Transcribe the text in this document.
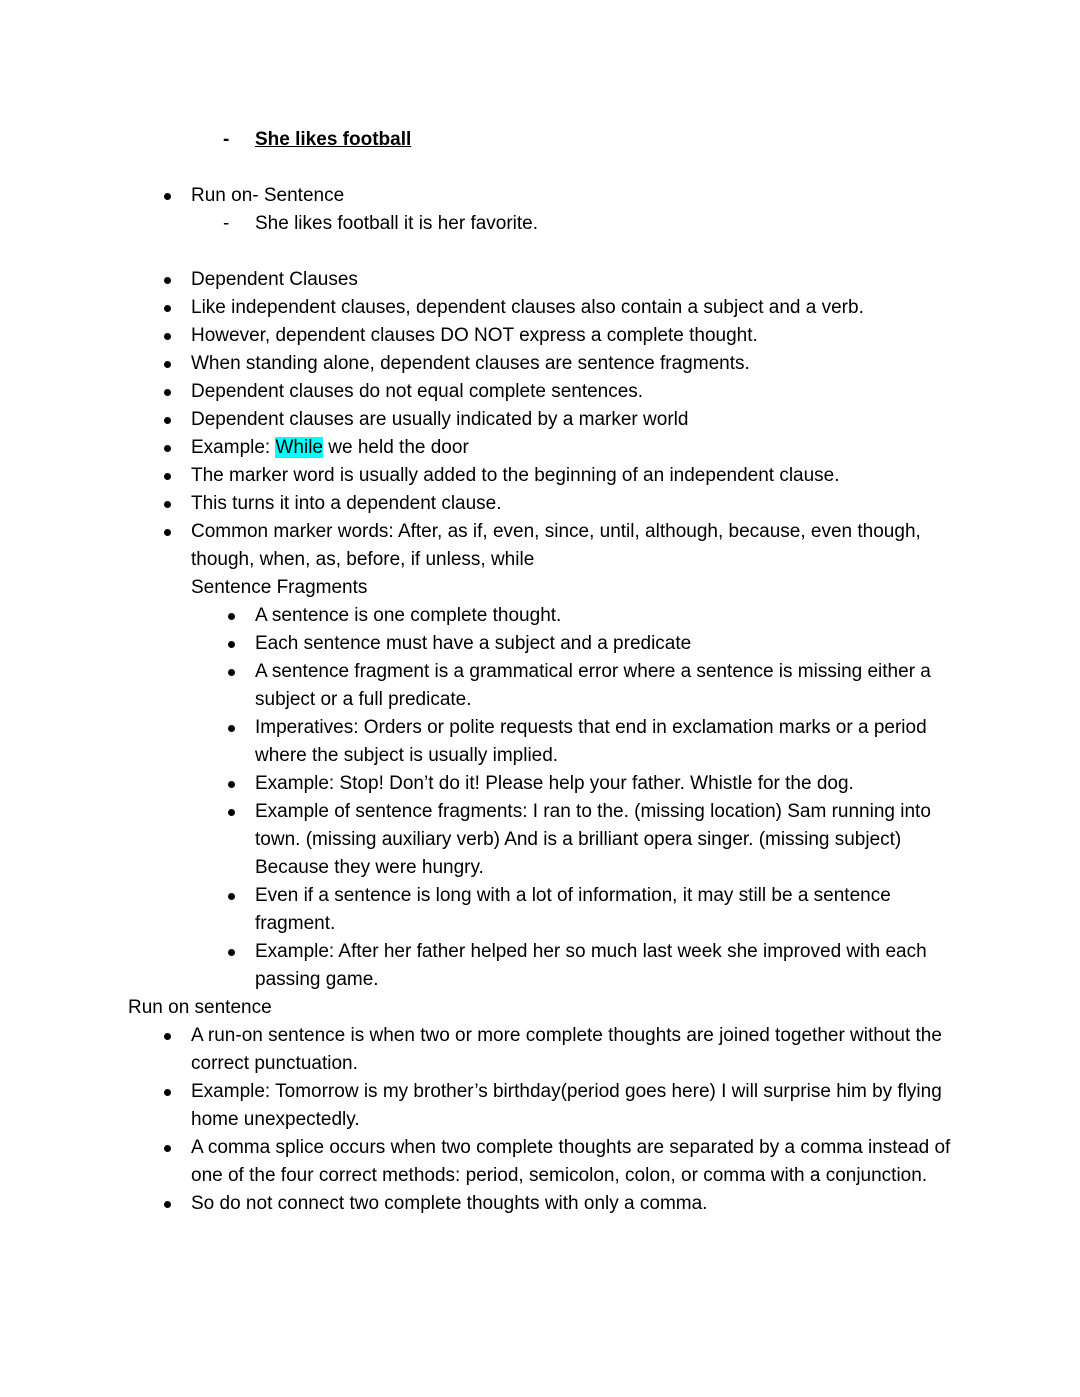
-
She likes football
Run on- Sentence
-
She likes football it is her favorite.
Dependent Clauses
Like independent clauses, dependent clauses also contain a subject and a verb.
However, dependent clauses DO NOT express a complete thought.
When standing alone, dependent clauses are sentence fragments.
Dependent clauses do not equal complete sentences.
Dependent clauses are usually indicated by a marker world
Example: While we held the door
The marker word is usually added to the beginning of an independent clause.
This turns it into a dependent clause.
Common marker words: After, as if, even, since, until, although, because, even though, though, when, as, before, if unless, while
Sentence Fragments
A sentence is one complete thought.
Each sentence must have a subject and a predicate
A sentence fragment is a grammatical error where a sentence is missing either a subject or a full predicate.
Imperatives: Orders or polite requests that end in exclamation marks or a period where the subject is usually implied.
Example: Stop! Don’t do it! Please help your father. Whistle for the dog.
Example of sentence fragments: I ran to the. (missing location) Sam running into town. (missing auxiliary verb) And is a brilliant opera singer. (missing subject) Because they were hungry.
Even if a sentence is long with a lot of information, it may still be a sentence fragment.
Example: After her father helped her so much last week she improved with each passing game.
Run on sentence
A run-on sentence is when two or more complete thoughts are joined together without the correct punctuation.
Example: Tomorrow is my brother’s birthday(period goes here) I will surprise him by flying home unexpectedly.
A comma splice occurs when two complete thoughts are separated by a comma instead of one of the four correct methods: period, semicolon, colon, or comma with a conjunction.
So do not connect two complete thoughts with only a comma.
